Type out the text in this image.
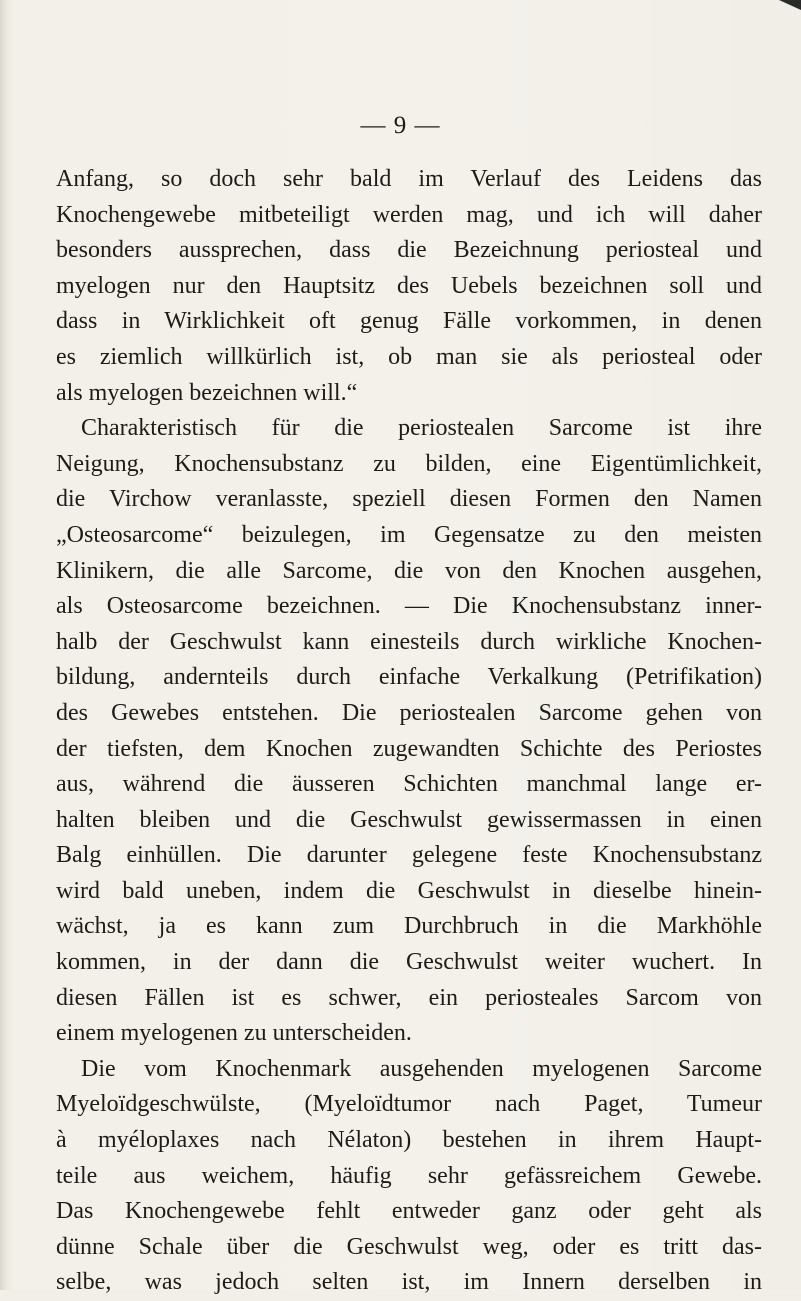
— 9 —
Anfang, so doch sehr bald im Verlauf des Leidens das
Knochengewebe mitbeteiligt werden mag, und ich will daher
besonders aussprechen, dass die Bezeichnung periosteal und
myelogen nur den Hauptsitz des Uebels bezeichnen soll und
dass in Wirklichkeit oft genug Fälle vorkommen, in denen
es ziemlich willkürlich ist, ob man sie als periosteal oder
als myelogen bezeichnen will.“
Charakteristisch für die periostealen Sarcome ist ihre
Neigung, Knochensubstanz zu bilden, eine Eigentümlichkeit,
die Virchow veranlasste, speziell diesen Formen den Namen
„Osteosarcome“ beizulegen, im Gegensatze zu den meisten
Klinikern, die alle Sarcome, die von den Knochen ausgehen,
als Osteosarcome bezeichnen. — Die Knochensubstanz inner-
halb der Geschwulst kann einesteils durch wirkliche Knochen-
bildung, andernteils durch einfache Verkalkung (Petrifikation)
des Gewebes entstehen. Die periostealen Sarcome gehen von
der tiefsten, dem Knochen zugewandten Schichte des Periostes
aus, während die äusseren Schichten manchmal lange er-
halten bleiben und die Geschwulst gewissermassen in einen
Balg einhüllen. Die darunter gelegene feste Knochensubstanz
wird bald uneben, indem die Geschwulst in dieselbe hinein-
wächst, ja es kann zum Durchbruch in die Markhöhle
kommen, in der dann die Geschwulst weiter wuchert. In
diesen Fällen ist es schwer, ein periosteales Sarcom von
einem myelogenen zu unterscheiden.
Die vom Knochenmark ausgehenden myelogenen Sarcome
Myeloïdgeschwülste, (Myeloïdtumor nach Paget, Tumeur
à myéloplaxes nach Nélaton) bestehen in ihrem Haupt-
teile aus weichem, häufig sehr gefässreichem Gewebe.
Das Knochengewebe fehlt entweder ganz oder geht als
dünne Schale über die Geschwulst weg, oder es tritt das-
selbe, was jedoch selten ist, im Innern derselben in
